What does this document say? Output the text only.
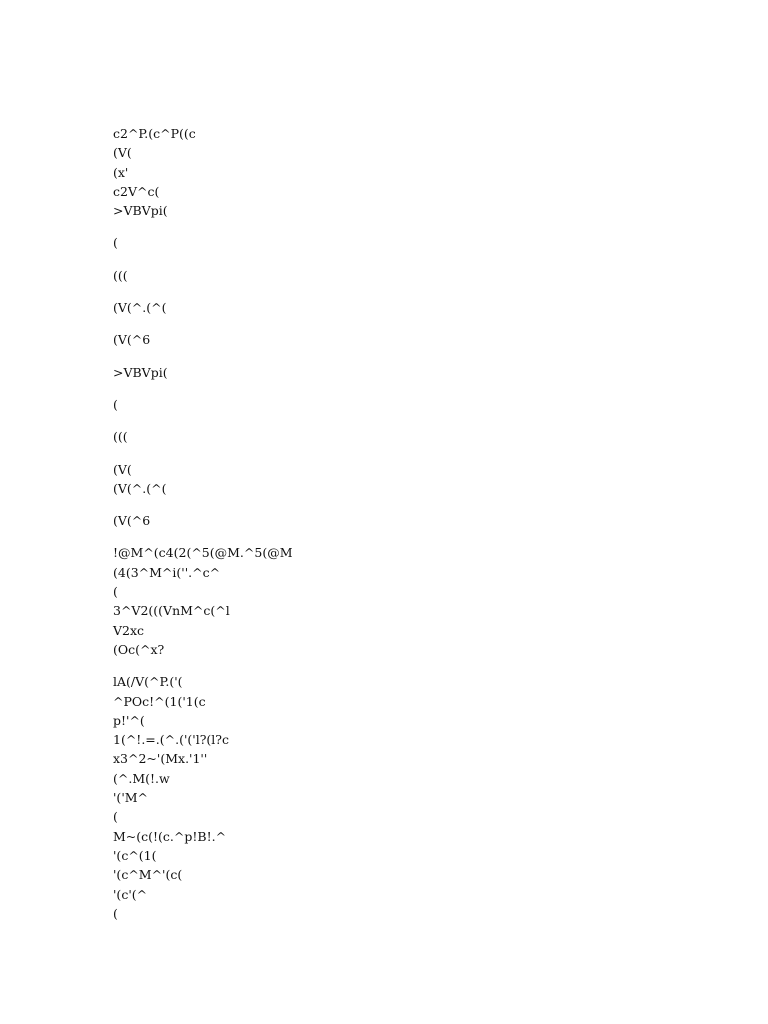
c2^P.(c^P((c
(V(
(x'
c2V^c(
>VBVpi(
(
(((
(V(^.(^(
(V(^6
>VBVpi(
(
(((
(V(
(V(^.(^(
(V(^6
!@M^(c4(2(^5(@M.^5(@M
(4(3^M^i(''.^c^
(
3^V2(((VnM^c(^l
V2xc
(Oc(^x?
lA(/V(^P.('(
^POc!^(1('1(c
p!'^(
1(^!.=.(^.('('l?(l?c
x3^2~'(Mx.'1''
(^.M(!.w
'('M^
(
M~(c(!(c.^p!B!.^
'(c^(1(
'(c^M^'(c(
'(c'(^
(
